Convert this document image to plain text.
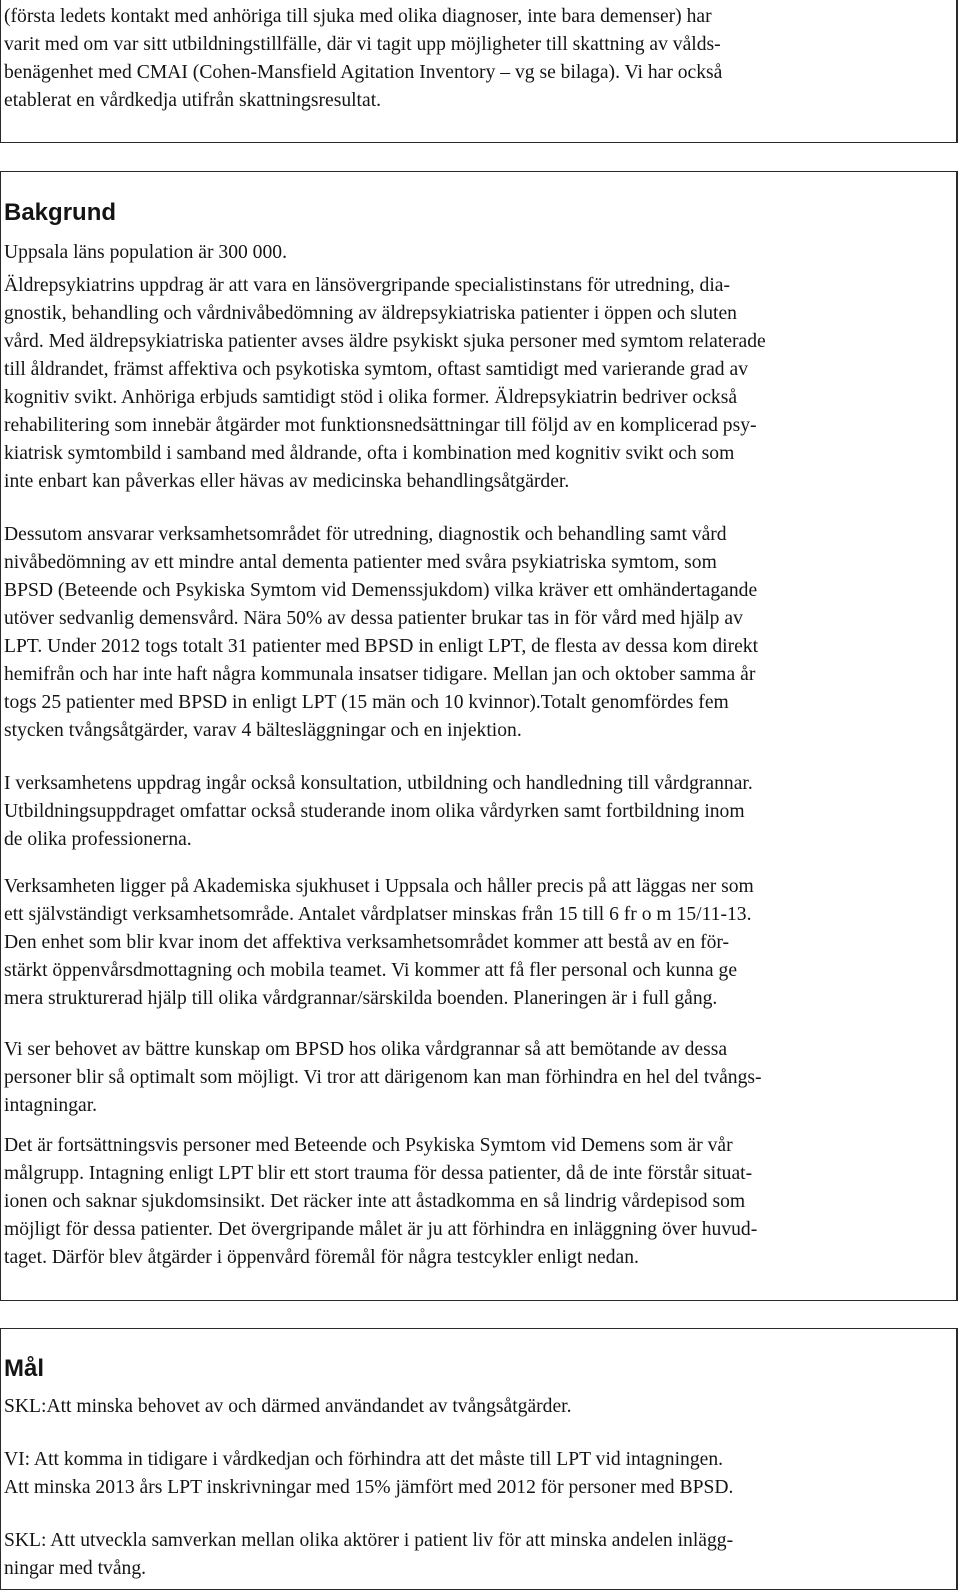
(första ledets kontakt med anhöriga till sjuka med olika diagnoser, inte bara demenser) har

varit med om var sitt utbildningstillfälle, där vi tagit upp möjligheter till skattning av vålds-

benägenhet med CMAI (Cohen-Mansfield Agitation Inventory – vg se bilaga). Vi har också

etablerat en vårdkedja utifrån skattningsresultat.

Bakgrund

Uppsala läns population är 300 000.

Äldrepsykiatrins uppdrag är att vara en länsövergripande specialistinstans för utredning, dia-

gnostik, behandling och vårdnivåbedömning av äldrepsykiatriska patienter i öppen och sluten

vård. Med äldrepsykiatriska patienter avses äldre psykiskt sjuka personer med symtom relaterade

till åldrandet, främst affektiva och psykotiska symtom, oftast samtidigt med varierande grad av

kognitiv svikt. Anhöriga erbjuds samtidigt stöd i olika former. Äldrepsykiatrin bedriver också

rehabilitering som innebär åtgärder mot funktionsnedsättningar till följd av en komplicerad psy-

kiatrisk symtombild i samband med åldrande, ofta i kombination med kognitiv svikt och som

inte enbart kan påverkas eller hävas av medicinska behandlingsåtgärder.

Dessutom ansvarar verksamhetsområdet för utredning, diagnostik och behandling samt vård

nivåbedömning av ett mindre antal dementa patienter med svåra psykiatriska symtom, som

BPSD (Beteende och Psykiska Symtom vid Demenssjukdom) vilka kräver ett omhändertagande

utöver sedvanlig demensvård. Nära 50% av dessa patienter brukar tas in för vård med hjälp av

LPT. Under 2012 togs totalt 31 patienter med BPSD in enligt LPT, de flesta av dessa kom direkt

hemifrån och har inte haft några kommunala insatser tidigare. Mellan jan och oktober samma år

togs 25 patienter med BPSD in enligt LPT (15 män och 10 kvinnor).Totalt genomfördes fem

stycken tvångsåtgärder, varav 4 bältesläggningar och en injektion.

I verksamhetens uppdrag ingår också konsultation, utbildning och handledning till vårdgrannar.

Utbildningsuppdraget omfattar också studerande inom olika vårdyrken samt fortbildning inom

de olika professionerna.

Verksamheten ligger på Akademiska sjukhuset i Uppsala och håller precis på att läggas ner som

ett självständigt verksamhetsområde. Antalet vårdplatser minskas från 15 till 6 fr o m 15/11-13.

Den enhet som blir kvar inom det affektiva verksamhetsområdet kommer att bestå av en för-

stärkt öppenvårsdmottagning och mobila teamet. Vi kommer att få fler personal och kunna ge

mera strukturerad hjälp till olika vårdgrannar/särskilda boenden. Planeringen är i full gång.

Vi ser behovet av bättre kunskap om BPSD hos olika vårdgrannar så att bemötande av dessa

personer blir så optimalt som möjligt. Vi tror att därigenom kan man förhindra en hel del tvångs-

intagningar.

Det är fortsättningsvis personer med Beteende och Psykiska Symtom vid Demens som är vår

målgrupp. Intagning enligt LPT blir ett stort trauma för dessa patienter, då de inte förstår situat-

ionen och saknar sjukdomsinsikt. Det räcker inte att åstadkomma en så lindrig vårdepisod som

möjligt för dessa patienter. Det övergripande målet är ju att förhindra en inläggning över huvud-

taget. Därför blev åtgärder i öppenvård föremål för några testcykler enligt nedan.

Mål

SKL:Att minska behovet av och därmed användandet av tvångsåtgärder.

VI: Att komma in tidigare i vårdkedjan och förhindra att det måste till LPT vid intagningen.

Att minska 2013 års LPT inskrivningar med 15% jämfört med 2012 för personer med BPSD.

SKL: Att utveckla samverkan mellan olika aktörer i patient liv för att minska andelen inlägg-

ningar med tvång.
